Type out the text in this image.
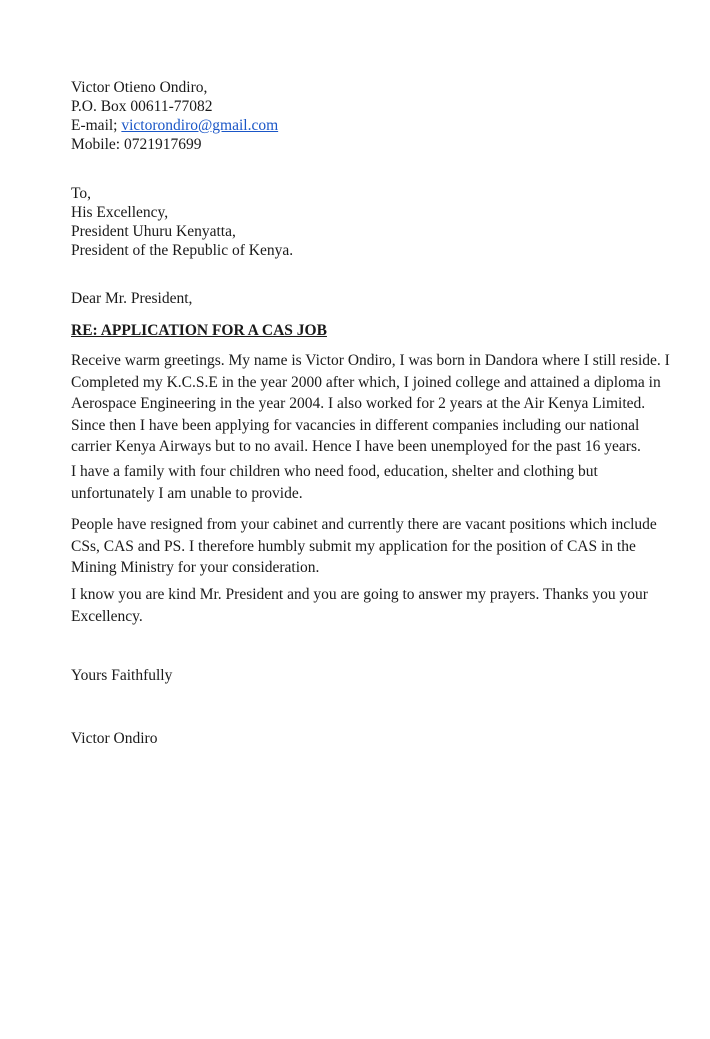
Victor Otieno Ondiro,
P.O. Box 00611-77082
E-mail; victorondiro@gmail.com
Mobile: 0721917699
To,
His Excellency,
President Uhuru Kenyatta,
President of the Republic of Kenya.
Dear Mr. President,
RE: APPLICATION FOR A CAS JOB
Receive warm greetings. My name is Victor Ondiro, I was born in Dandora where I still reside. I
Completed my K.C.S.E in the year 2000 after which, I joined college and attained a diploma in
Aerospace Engineering in the year 2004. I also worked for 2 years at the Air Kenya Limited.
Since then I have been applying for vacancies in different companies including our national
carrier Kenya Airways but to no avail. Hence I have been unemployed for the past 16 years.
I have a family with four children who need food, education, shelter and clothing but
unfortunately I am unable to provide.
People have resigned from your cabinet and currently there are vacant positions which include
CSs, CAS and PS. I therefore humbly submit my application for the position of CAS in the
Mining Ministry for your consideration.
I know you are kind Mr. President and you are going to answer my prayers. Thanks you your
Excellency.
Yours Faithfully
Victor Ondiro
